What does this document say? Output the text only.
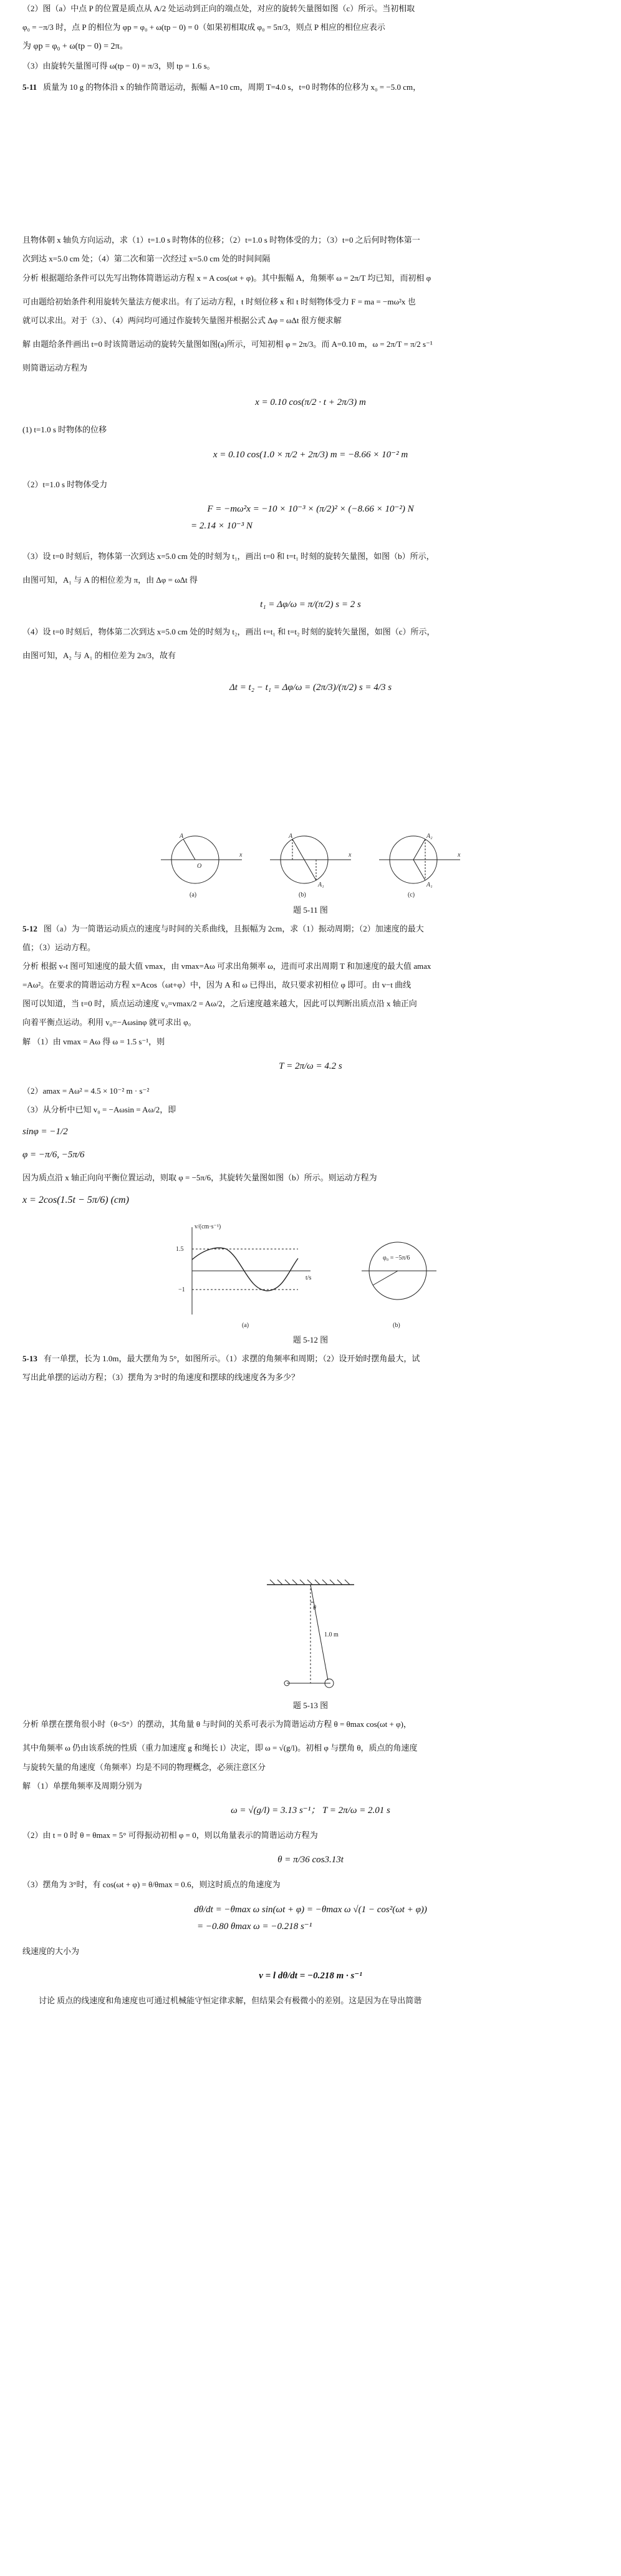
（2）图（a）中点 P 的位置是质点从 A/2 处运动到正向的端点处，对应的旋转矢量图如图（c）所示。当初相取

φ₀ = −π/3 时，点 P 的相位为 φp = φ₀ + ω(tp − 0) = 0（如果初相取成 φ₀ = 5π/3，则点 P 相应的相位应表示

为 φp = φ₀ + ω(tp − 0) = 2π。

（3）由旋转矢量图可得 ω(tp − 0) = π/3，则 tp = 1.6 s。

5-11 质量为 10 g 的物体沿 x 的轴作简谐运动，振幅 A=10 cm，周期 T=4.0 s，t=0 时物体的位移为 x₀ = −5.0 cm，

且物体朝 x 轴负方向运动，求（1）t=1.0 s 时物体的位移；（2）t=1.0 s 时物体受的力；（3）t=0 之后何时物体第一

次到达 x=5.0 cm 处；（4）第二次和第一次经过 x=5.0 cm 处的时间间隔

分析 根据题给条件可以先写出物体简谐运动方程 x = A cos(ωt + φ)。其中振幅 A，角频率 ω = 2π/T 均已知，而初相 φ

可由题给初始条件利用旋转矢量法方便求出。有了运动方程，t 时刻位移 x 和 t 时刻物体受力 F = ma = −mω²x 也

就可以求出。对于（3）、（4）两问均可通过作旋转矢量图并根据公式 Δφ = ωΔt 很方便求解

解 由题给条件画出 t=0 时该简谐运动的旋转矢量图如图(a)所示，可知初相 φ = 2π/3。而 A=0.10 m，ω = 2π/T = π/2 s⁻¹

则简谐运动方程为

x = 0.10 cos(π/2 · t + 2π/3) m

(1) t=1.0 s 时物体的位移

x = 0.10 cos(1.0 × π/2 + 2π/3) m = −8.66 × 10⁻² m

（2）t=1.0 s 时物体受力

F = −mω²x = −10 × 10⁻³ × (π/2)² × (−8.66 × 10⁻²) N

= 2.14 × 10⁻³ N

（3）设 t=0 时刻后，物体第一次到达 x=5.0 cm 处的时刻为 t₁，画出 t=0 和 t=t₁ 时刻的旋转矢量图，如图（b）所示，

由图可知，A₁ 与 A 的相位差为 π，由 Δφ = ωΔt 得

t₁ = Δφ/ω = π/(π/2) s = 2 s

（4）设 t=0 时刻后，物体第二次到达 x=5.0 cm 处的时刻为 t₂，画出 t=t₁ 和 t=t₂ 时刻的旋转矢量图，如图（c）所示，

由图可知，A₂ 与 A₁ 的相位差为 2π/3，故有

Δt = t₂ − t₁ = Δφ/ω = (2π/3)/(π/2) s = 4/3 s

x	x	x
A	A
A₁
A₂
A₁
O
(a)	(b)	(c)

题 5-11 图

5-12 图（a）为一简谐运动质点的速度与时间的关系曲线，且振幅为 2cm，求（1）振动周期；（2）加速度的最大

值；（3）运动方程。

分析 根据 v-t 图可知速度的最大值 vmax，由 vmax=Aω 可求出角频率 ω，进而可求出周期 T 和加速度的最大值 amax

=Aω²。在要求的简谐运动方程 x=Acos（ωt+φ）中，因为 A 和 ω 已得出，故只要求初相位 φ 即可。由 v−t 曲线

图可以知道，当 t=0 时，质点运动速度 v₀=vmax/2 = Aω/2，之后速度越来越大，因此可以判断出质点沿 x 轴正向

向着平衡点运动。利用 v₀=−Aωsinφ 就可求出 φ。

解 （1）由 vmax = Aω 得 ω = 1.5 s⁻¹，则

T = 2π/ω = 4.2 s

（2）amax = Aω² = 4.5 × 10⁻² m · s⁻²

（3）从分析中已知 v₀ = −Aωsin = Aω/2，即

sinφ = −1/2

φ = −π/6, −5π/6

因为质点沿 x 轴正向向平衡位置运动，则取 φ = −5π/6，其旋转矢量图如图（b）所示。则运动方程为

x = 2cos(1.5t − 5π/6) (cm)

v/(cm·s⁻¹)
t/s
1.5
−1
φ₀ = −5π/6
(a)	(b)

题 5-12 图

5-13 有一单摆，长为 1.0m，最大摆角为 5°，如图所示。（1）求摆的角频率和周期；（2）设开始时摆角最大，试

写出此单摆的运动方程；（3）摆角为 3°时的角速度和摆球的线速度各为多少？

1.0 m
θ

题 5-13 图

分析 单摆在摆角很小时（θ<5°）的摆动，其角量 θ 与时间的关系可表示为简谐运动方程 θ = θmax cos(ωt + φ)，

其中角频率 ω 仍由该系统的性质（重力加速度 g 和绳长 l）决定，即 ω = √(g/l)。初相 φ 与摆角 θ，质点的角速度

与旋转矢量的角速度（角频率）均是不同的物理概念，必须注意区分

解 （1）单摆角频率及周期分别为

ω = √(g/l) = 3.13 s⁻¹； T = 2π/ω = 2.01 s

（2）由 t = 0 时 θ = θmax = 5° 可得振动初相 φ = 0，则以角量表示的简谐运动方程为

θ = π/36 cos3.13t

（3）摆角为 3°时，有 cos(ωt + φ) = θ/θmax = 0.6，则这时质点的角速度为

dθ/dt = −θmax ω sin(ωt + φ) = −θmax ω √(1 − cos²(ωt + φ))

= −0.80 θmax ω = −0.218 s⁻¹

线速度的大小为

v = l dθ/dt = −0.218 m · s⁻¹

讨论 质点的线速度和角速度也可通过机械能守恒定律求解，但结果会有极微小的差别。这是因为在导出简谐
